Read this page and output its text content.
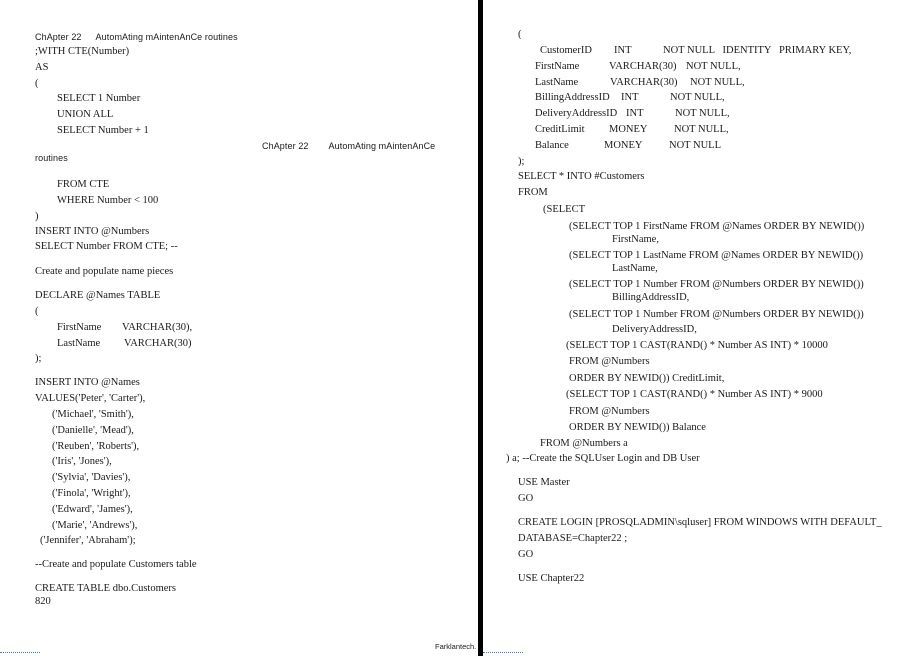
ChApter 22 AutomAting mAintenAnCe routines
;WITH CTE(Number)
AS
(
SELECT 1 Number
UNION ALL
SELECT Number + 1
ChApter 22 AutomAting mAintenAnCe
routines
FROM CTE
WHERE Number < 100
)
INSERT INTO @Numbers
SELECT Number FROM CTE; --
Create and populate name pieces
DECLARE @Names TABLE
(
FirstName VARCHAR(30),
LastName VARCHAR(30)
);
INSERT INTO @Names
VALUES('Peter', 'Carter'),
('Michael', 'Smith'),
('Danielle', 'Mead'),
('Reuben', 'Roberts'),
('Iris', 'Jones'),
('Sylvia', 'Davies'),
('Finola', 'Wright'),
('Edward', 'James'),
('Marie', 'Andrews'),
('Jennifer', 'Abraham');
--Create and populate Customers table
CREATE TABLE dbo.Customers
820
Farklantech.
(
CustomerID INT	NOT NULL   IDENTITY   PRIMARY KEY,
FirstName	VARCHAR(30) NOT NULL,
LastName	VARCHAR(30) NOT NULL,
BillingAddressID INT	NOT NULL,
DeliveryAddressID INT	NOT NULL,
CreditLimit MONEY	NOT NULL,
Balance	MONEY	NOT NULL
);
SELECT * INTO #Customers
FROM
(SELECT
(SELECT TOP 1 FirstName FROM @Names ORDER BY NEWID())
FirstName,
(SELECT TOP 1 LastName FROM @Names ORDER BY NEWID())
LastName,
(SELECT TOP 1 Number FROM @Numbers ORDER BY NEWID())
BillingAddressID,
(SELECT TOP 1 Number FROM @Numbers ORDER BY NEWID())
DeliveryAddressID,
(SELECT TOP 1 CAST(RAND() * Number AS INT) * 10000
FROM @Numbers
ORDER BY NEWID()) CreditLimit,
(SELECT TOP 1 CAST(RAND() * Number AS INT) * 9000
FROM @Numbers
ORDER BY NEWID()) Balance
FROM @Numbers a
) a; --Create the SQLUser Login and DB User
USE Master
GO
CREATE LOGIN [PROSQLADMIN\sqluser] FROM WINDOWS WITH DEFAULT_
DATABASE=Chapter22 ;
GO
USE Chapter22
